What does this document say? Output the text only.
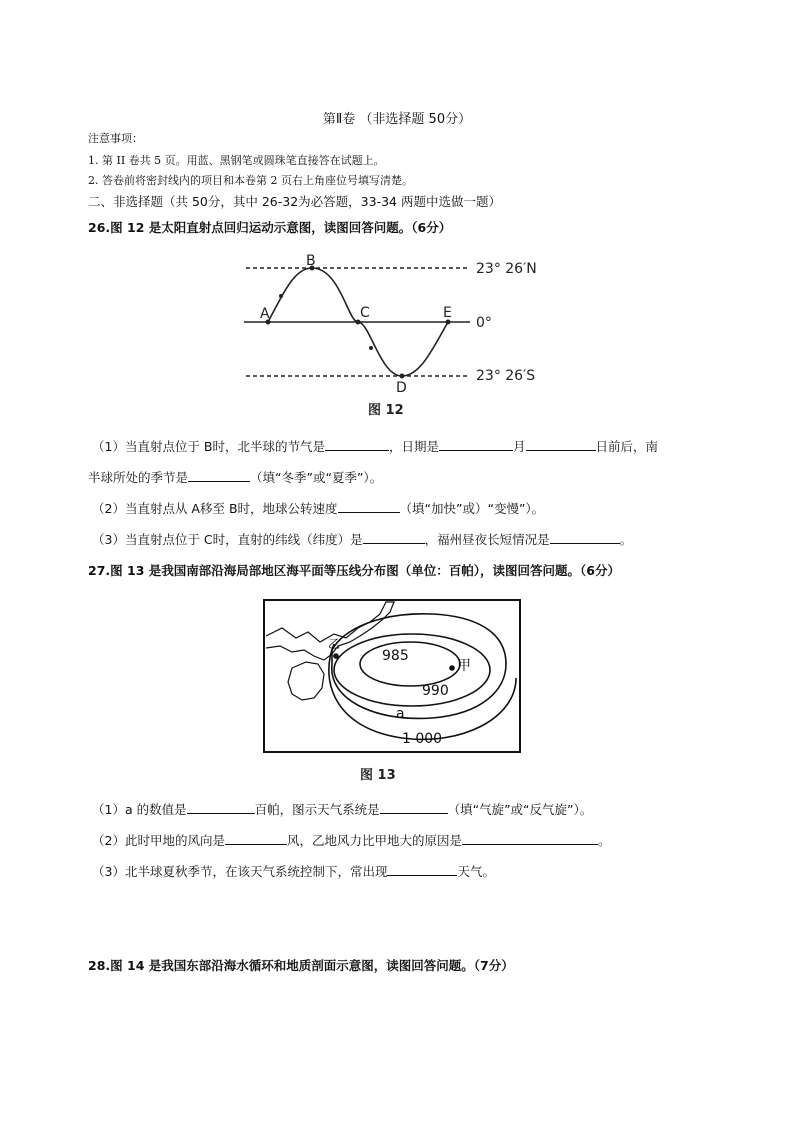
第Ⅱ卷 （非选择题 50分）
注意事项：
1. 第 II 卷共 5 页。用蓝、黑钢笔或圆珠笔直接答在试题上。
2. 答卷前将密封线内的项目和本卷第 2 页右上角座位号填写清楚。
二、非选择题（共 50分，其中 26-32为必答题，33-34 两题中选做一题）
26.图 12 是太阳直射点回归运动示意图，读图回答问题。（6分）
A
B
C
D
E
23° 26′N
0°
23° 26′S
图 12
（1）当直射点位于 B时，北半球的节气是	，日期是	月	日前后，南
半球所处的季节是	（填“冬季”或“夏季”）。
（2）当直射点从 A移至 B时，地球公转速度	（填“加快”或）“变慢”）。
（3）当直射点位于 C时，直射的纬线（纬度）是	，福州昼夜长短情况是	。
27.图 13 是我国南部沿海局部地区海平面等压线分布图（单位：百帕），读图回答问题。（6分）
985
990
a
1 000
甲
乙
图 13
（1）a 的数值是	百帕，图示天气系统是	（填“气旋”或“反气旋”）。
（2）此时甲地的风向是	风，乙地风力比甲地大的原因是	。
（3）北半球夏秋季节，在该天气系统控制下，常出现	天气。
28.图 14 是我国东部沿海水循环和地质剖面示意图，读图回答问题。（7分）
